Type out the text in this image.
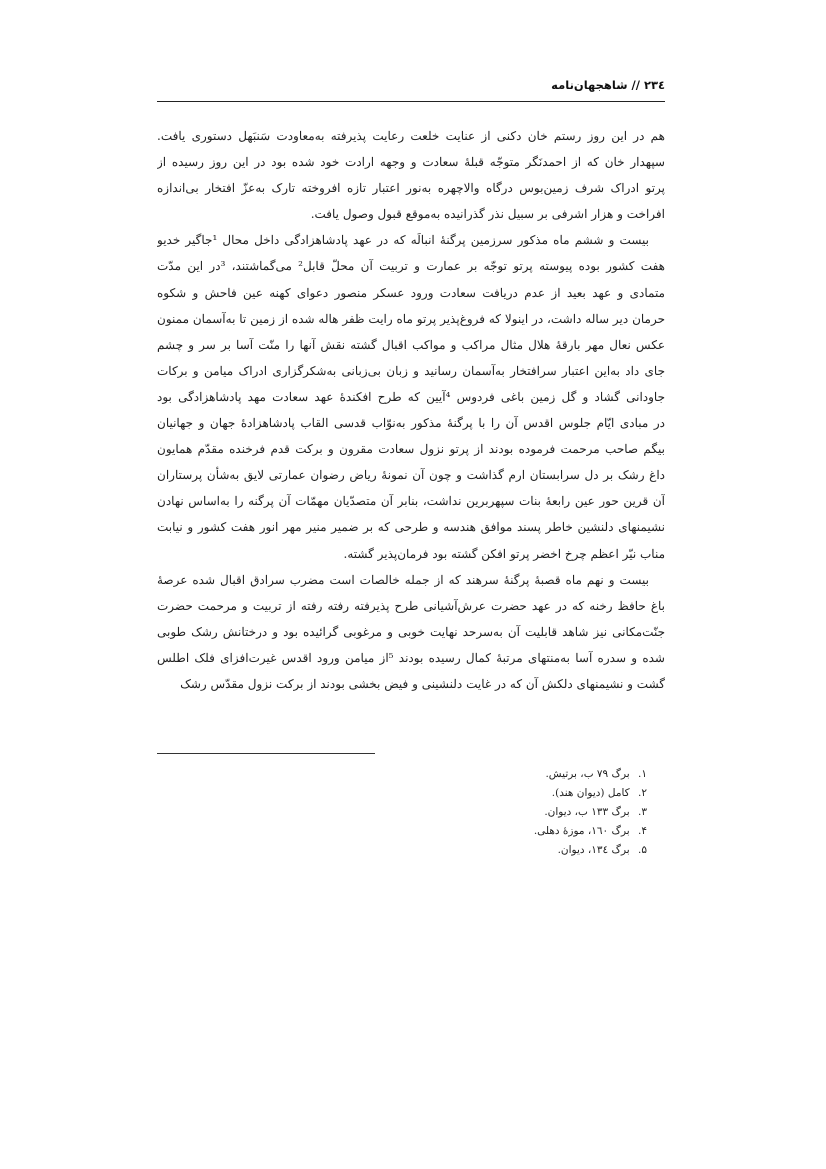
۲۳٤ // شاهجهان‌نامه

هم در این روز رستم خان دکنی از عنایت خلعت رعایت پذیرفته به‌معاودت سَنبَهل دستوری یافت.
سپهدار خان که از احمدنَگر متوجّه قبلهٔ سعادت و وجهه ارادت خود شده بود در این روز رسیده از
پرتو ادراک شرف زمین‌بوس درگاه والاچهره به‌نور اعتبار تازه افروخته تارک به‌عزّ افتخار بی‌اندازه
افراخت و هزار اشرفی بر سبیل نذر گذرانیده به‌موقع قبول وصول یافت.

بیست و ششم ماه مذکور سرزمین پرگنهٔ انبالَه که در عهد پادشاهزادگی داخل محال ¹جاگیر خدیو
هفت کشور بوده پیوسته پرتو توجّه بر عمارت و تربیت آن محلّ قابل² می‌گماشتند، ³در این مدّت
متمادی و عهد بعید از عدم دریافت سعادت ورود عسکر منصور دعوای کهنه عین فاحش و شکوه
حرمان دیر ساله داشت، در اینولا که فروغ‌پذیر پرتو ماه رایت ظفر هاله شده از زمین تا به‌آسمان ممنون
عکس نعال مهر بارقهٔ هلال مثال مراکب و مواکب اقبال گشته نقش آنها را منّت آسا بر سر و چشم
جای داد به‌این اعتبار سرافتخار به‌آسمان رسانید و زبان بی‌زبانی به‌شکرگزاری ادراک میامن و برکات
جاودانی گشاد و گل زمین باغی فردوس ⁴آیین که طرح افکندهٔ عهد سعادت مهد پادشاهزادگی بود
در مبادی ایّام جلوس اقدس آن را با پرگنهٔ مذکور به‌نوّاب قدسی القاب پادشاهزادهٔ جهان و جهانیان
بیگم صاحب مرحمت فرموده بودند از پرتو نزول سعادت مقرون و برکت قدم فرخنده مقدّم همایون
داغ رشک بر دل سرابستان ارم گذاشت و چون آن نمونهٔ ریاض رضوان عمارتی لایق به‌شأن پرستاران
آن قرین حور عین رابعهٔ بنات سپهربرین نداشت، بنابر آن متصدّیان مهمّات آن پرگنه را به‌اساس نهادن
نشیمنهای دلنشین خاطر پسند موافق هندسه و طرحی که بر ضمیر منیر مهر انور هفت کشور و نیابت
مناب نیّر اعظم چرخ اخضر پرتو افکن گشته بود فرمان‌پذیر گشته.

بیست و نهم ماه قصبهٔ پرگنهٔ سرهند که از جمله خالصات است مضرب سرادق اقبال شده عرصهٔ
باغ حافظ رخنه که در عهد حضرت عرش‌آشیانی طرح پذیرفته رفته رفته از تربیت و مرحمت حضرت
جنّت‌مکانی نیز شاهد قابلیت آن به‌سرحد نهایت خوبی و مرغوبی گرائیده بود و درختانش رشک طوبی
شده و سدره آسا به‌منتهای مرتبهٔ کمال رسیده بودند ⁵از میامن ورود اقدس غیرت‌افزای فلک اطلس
گشت و نشیمنهای دلکش آن که در غایت دلنشینی و فیض بخشی بودند از برکت نزول مقدّس رشک

۱. برگ ۷۹ ب، برتیش.
۲. کامل (دیوان هند).
۳. برگ ۱۳۳ ب، دیوان.
۴. برگ ۱٦۰، موزهٔ دهلی.
۵. برگ ۱۳٤، دیوان.
